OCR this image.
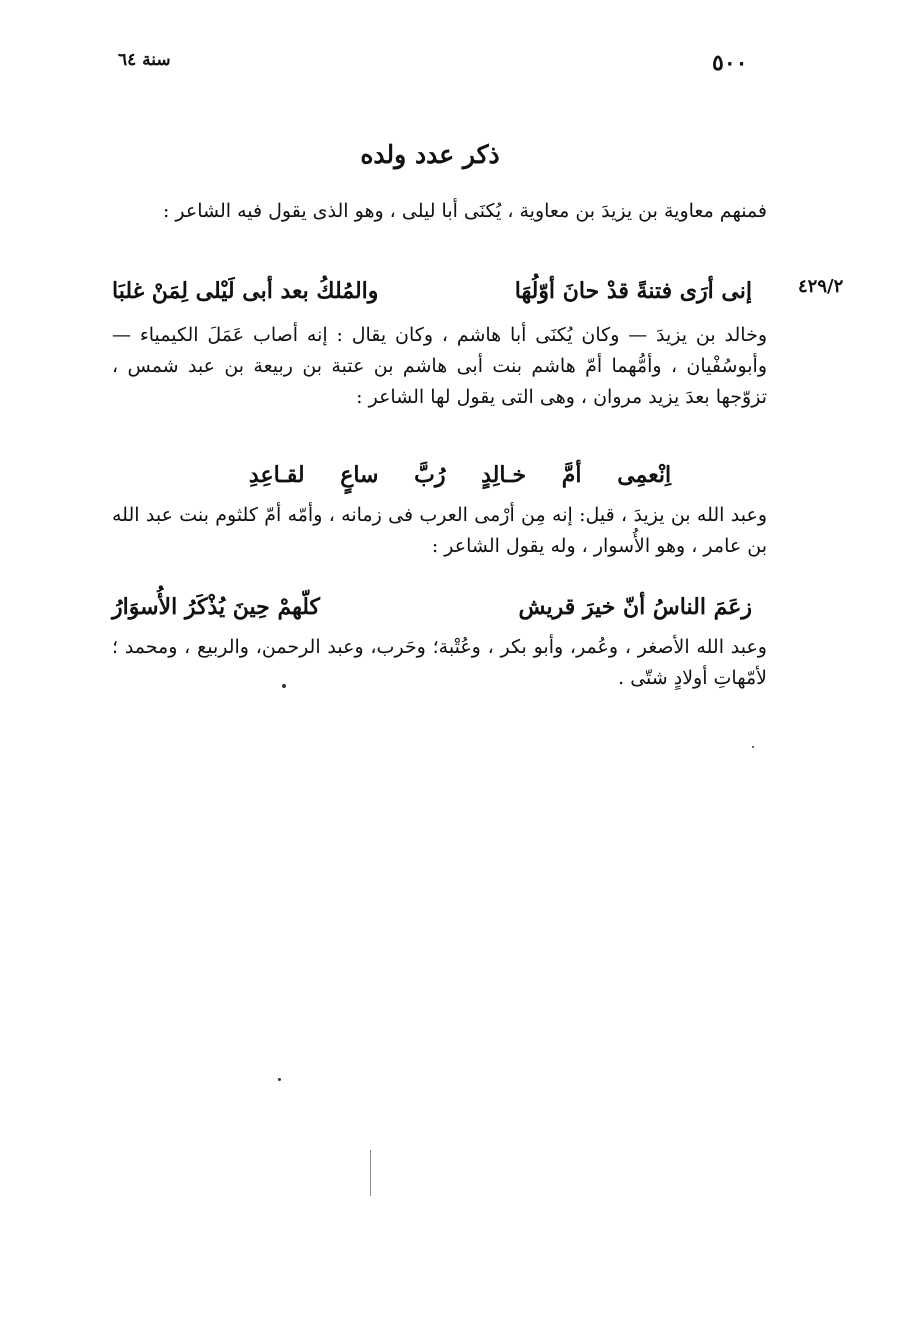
٥٠٠
سنة ٦٤
ذكر عدد ولده
٤٢٩/٢
فمنهم معاوية بن يزيدَ بن معاوية ، يُكنَى أبا ليلى ، وهو الذى يقول فيه الشاعر :
إنى أرَى فتنةً قدْ حانَ أوّلُهَا
والمُلكُ بعد أبى لَيْلى لِمَنْ غلبَا
وخالد بن يزيدَ — وكان يُكنَى أبا هاشم ، وكان يقال : إنه أصاب عَمَلَ الكيمياء — وأبوسُفْيان ، وأمُّهما أمّ هاشم بنت أبى هاشم بن عتبة بن ربيعة بن عبد شمس ، تزوّجها بعدَ يزيد مروان ، وهى التى يقول لها الشاعر :
اِنْعمِى أمَّ خـالِدٍ رُبَّ ساعٍ لقـاعِدِ
وعبد الله بن يزيدَ ، قيل: إنه مِن أرْمى العرب فى زمانه ، وأمّه أمّ كلثوم بنت عبد الله بن عامر ، وهو الأُسوار ، وله يقول الشاعر :
زعَمَ الناسُ أنّ خيرَ قريش
كلّهمْ حِينَ يُذْكَرُ الأُسوَارُ
وعبد الله الأصغر ، وعُمر، وأبو بكر ، وعُتْبة؛ وحَرب، وعبد الرحمن، والربيع ، ومحمد ؛ لأمّهاتِ أولادٍ شتّى .
